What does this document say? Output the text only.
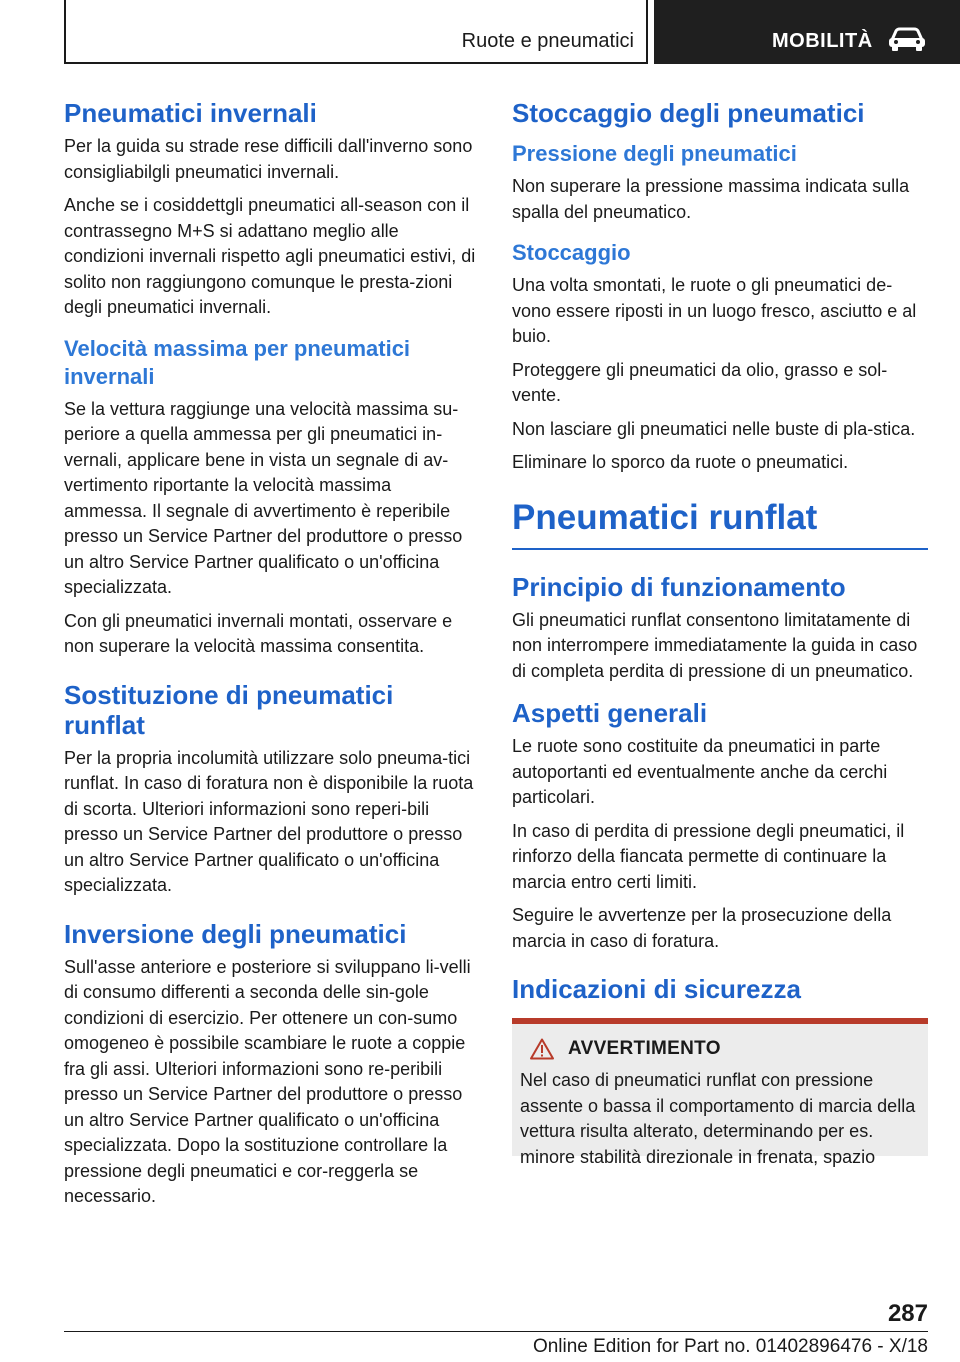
Ruote e pneumatici	MOBILITÀ
Pneumatici invernali

Per la guida su strade rese difficili dall'inverno sono consigliabilgli pneumatici invernali.

Anche se i cosiddettgli pneumatici all-season con il contrassegno M+S si adattano meglio alle condizioni invernali rispetto agli pneumatici estivi, di solito non raggiungono comunque le presta-zioni degli pneumatici invernali.

Velocità massima per pneumatici invernali

Se la vettura raggiunge una velocità massima su-periore a quella ammessa per gli pneumatici in-vernali, applicare bene in vista un segnale di av-vertimento riportante la velocità massima ammessa. Il segnale di avvertimento è reperibile presso un Service Partner del produttore o presso un altro Service Partner qualificato o un'officina specializzata.

Con gli pneumatici invernali montati, osservare e non superare la velocità massima consentita.

Sostituzione di pneumatici runflat

Per la propria incolumità utilizzare solo pneuma-tici runflat. In caso di foratura non è disponibile la ruota di scorta. Ulteriori informazioni sono reperi-bili presso un Service Partner del produttore o presso un altro Service Partner qualificato o un'officina specializzata.

Inversione degli pneumatici

Sull'asse anteriore e posteriore si sviluppano li-velli di consumo differenti a seconda delle sin-gole condizioni di esercizio. Per ottenere un con-sumo omogeneo è possibile scambiare le ruote a coppie fra gli assi. Ulteriori informazioni sono re-peribili presso un Service Partner del produttore o presso un altro Service Partner qualificato o un'officina specializzata. Dopo la sostituzione controllare la pressione degli pneumatici e cor-reggerla se necessario.

Stoccaggio degli pneumatici
Pressione degli pneumatici

Non superare la pressione massima indicata sulla spalla del pneumatico.

Stoccaggio

Una volta smontati, le ruote o gli pneumatici de-vono essere riposti in un luogo fresco, asciutto e al buio.

Proteggere gli pneumatici da olio, grasso e sol-vente.

Non lasciare gli pneumatici nelle buste di pla-stica.

Eliminare lo sporco da ruote o pneumatici.

Pneumatici runflat
Principio di funzionamento

Gli pneumatici runflat consentono limitatamente di non interrompere immediatamente la guida in caso di completa perdita di pressione di un pneumatico.

Aspetti generali

Le ruote sono costituite da pneumatici in parte autoportanti ed eventualmente anche da cerchi particolari.

In caso di perdita di pressione degli pneumatici, il rinforzo della fiancata permette di continuare la marcia entro certi limiti.

Seguire le avvertenze per la prosecuzione della marcia in caso di foratura.

Indicazioni di sicurezza
AVVERTIMENTO

Nel caso di pneumatici runflat con pressione assente o bassa il comportamento di marcia della vettura risulta alterato, determinando per es. minore stabilità direzionale in frenata, spazio

287
Online Edition for Part no. 01402896476 - X/18
